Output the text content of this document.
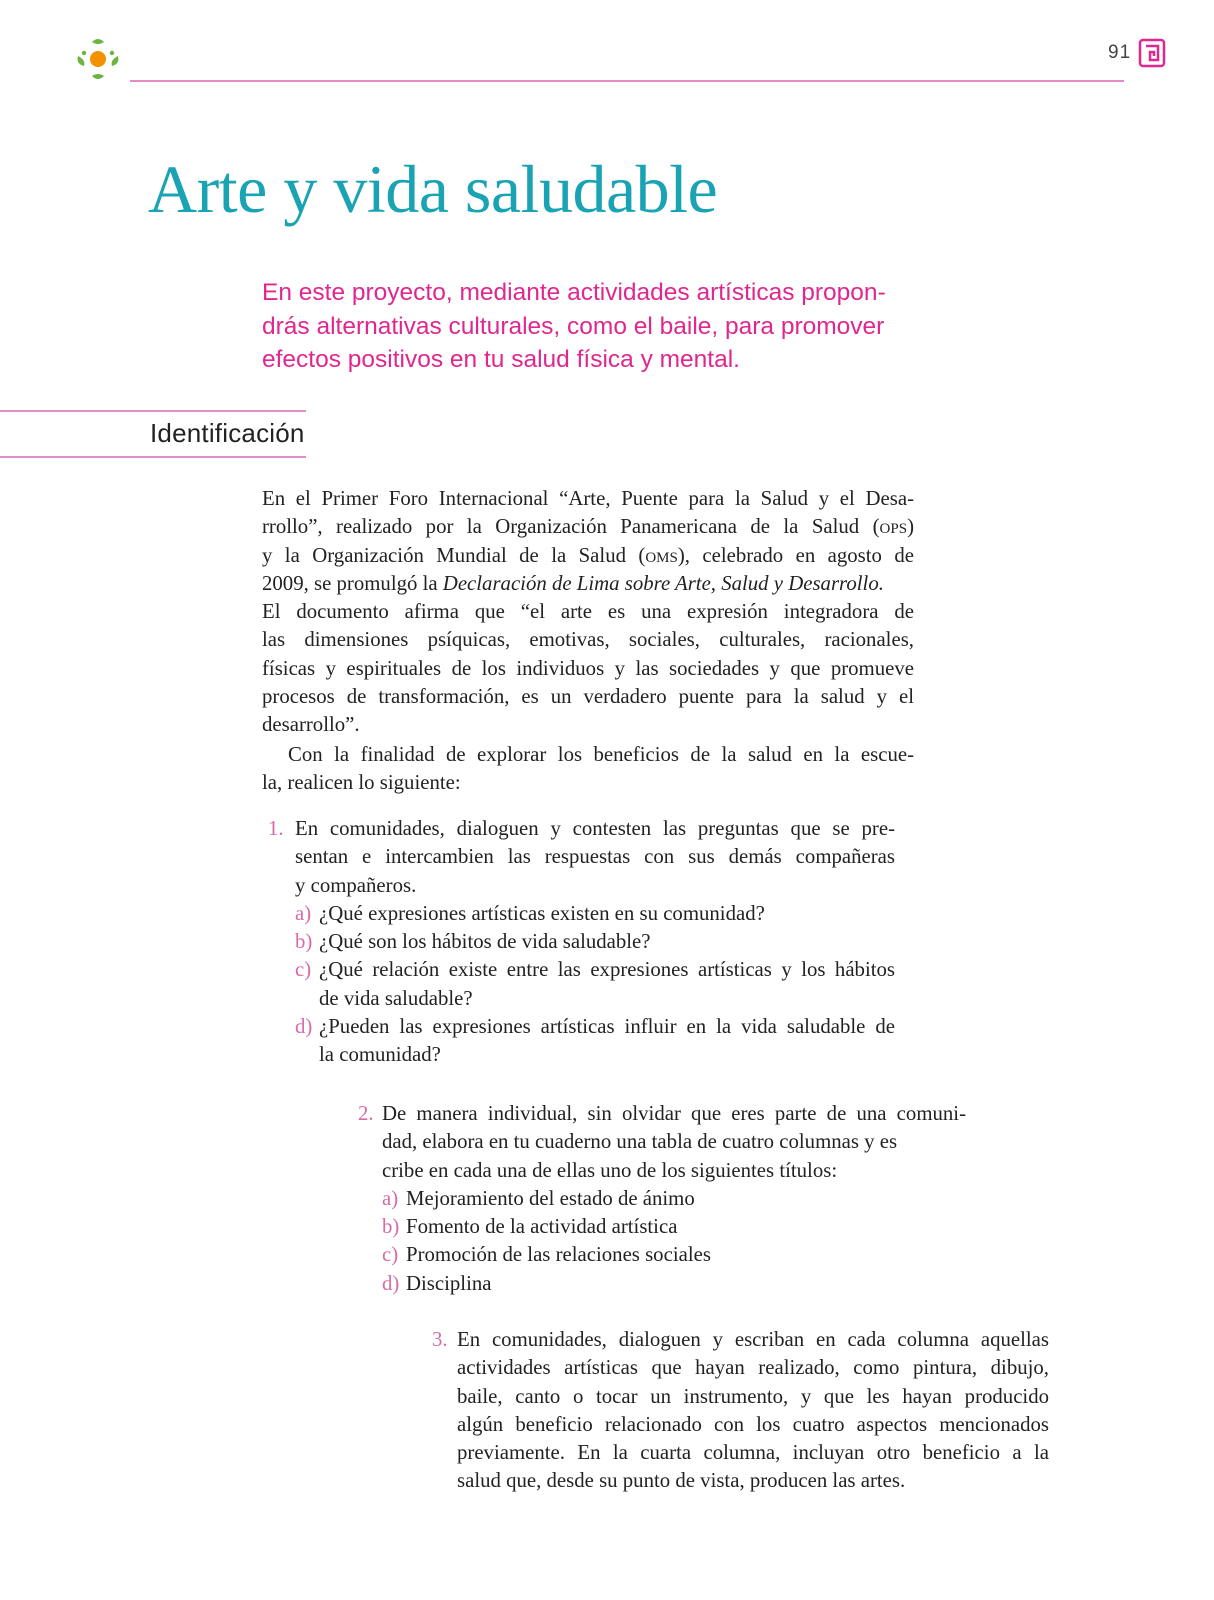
91
Arte y vida saludable
En este proyecto, mediante actividades artísticas propon-
drás alternativas culturales, como el baile, para promover
efectos positivos en tu salud física y mental.
Identificación
En el Primer Foro Internacional “Arte, Puente para la Salud y el Desa-
rrollo”, realizado por la Organización Panamericana de la Salud (ops)
y la Organización Mundial de la Salud (oms), celebrado en agosto de
2009, se promulgó la Declaración de Lima sobre Arte, Salud y Desarrollo.
El documento afirma que “el arte es una expresión integradora de
las dimensiones psíquicas, emotivas, sociales, culturales, racionales,
físicas y espirituales de los individuos y las sociedades y que promueve
procesos de transformación, es un verdadero puente para la salud y el
desarrollo”.
Con la finalidad de explorar los beneficios de la salud en la escue-
la, realicen lo siguiente:
1. En comunidades, dialoguen y contesten las preguntas que se pre-
sentan e intercambien las respuestas con sus demás compañeras
y compañeros.
a) ¿Qué expresiones artísticas existen en su comunidad?
b) ¿Qué son los hábitos de vida saludable?
c) ¿Qué relación existe entre las expresiones artísticas y los hábitos
de vida saludable?
d) ¿Pueden las expresiones artísticas influir en la vida saludable de
la comunidad?
2. De manera individual, sin olvidar que eres parte de una comuni-
dad, elabora en tu cuaderno una tabla de cuatro columnas y es
cribe en cada una de ellas uno de los siguientes títulos:
a) Mejoramiento del estado de ánimo
b) Fomento de la actividad artística
c) Promoción de las relaciones sociales
d) Disciplina
3. En comunidades, dialoguen y escriban en cada columna aquellas
actividades artísticas que hayan realizado, como pintura, dibujo,
baile, canto o tocar un instrumento, y que les hayan producido
algún beneficio relacionado con los cuatro aspectos mencionados
previamente. En la cuarta columna, incluyan otro beneficio a la
salud que, desde su punto de vista, producen las artes.
